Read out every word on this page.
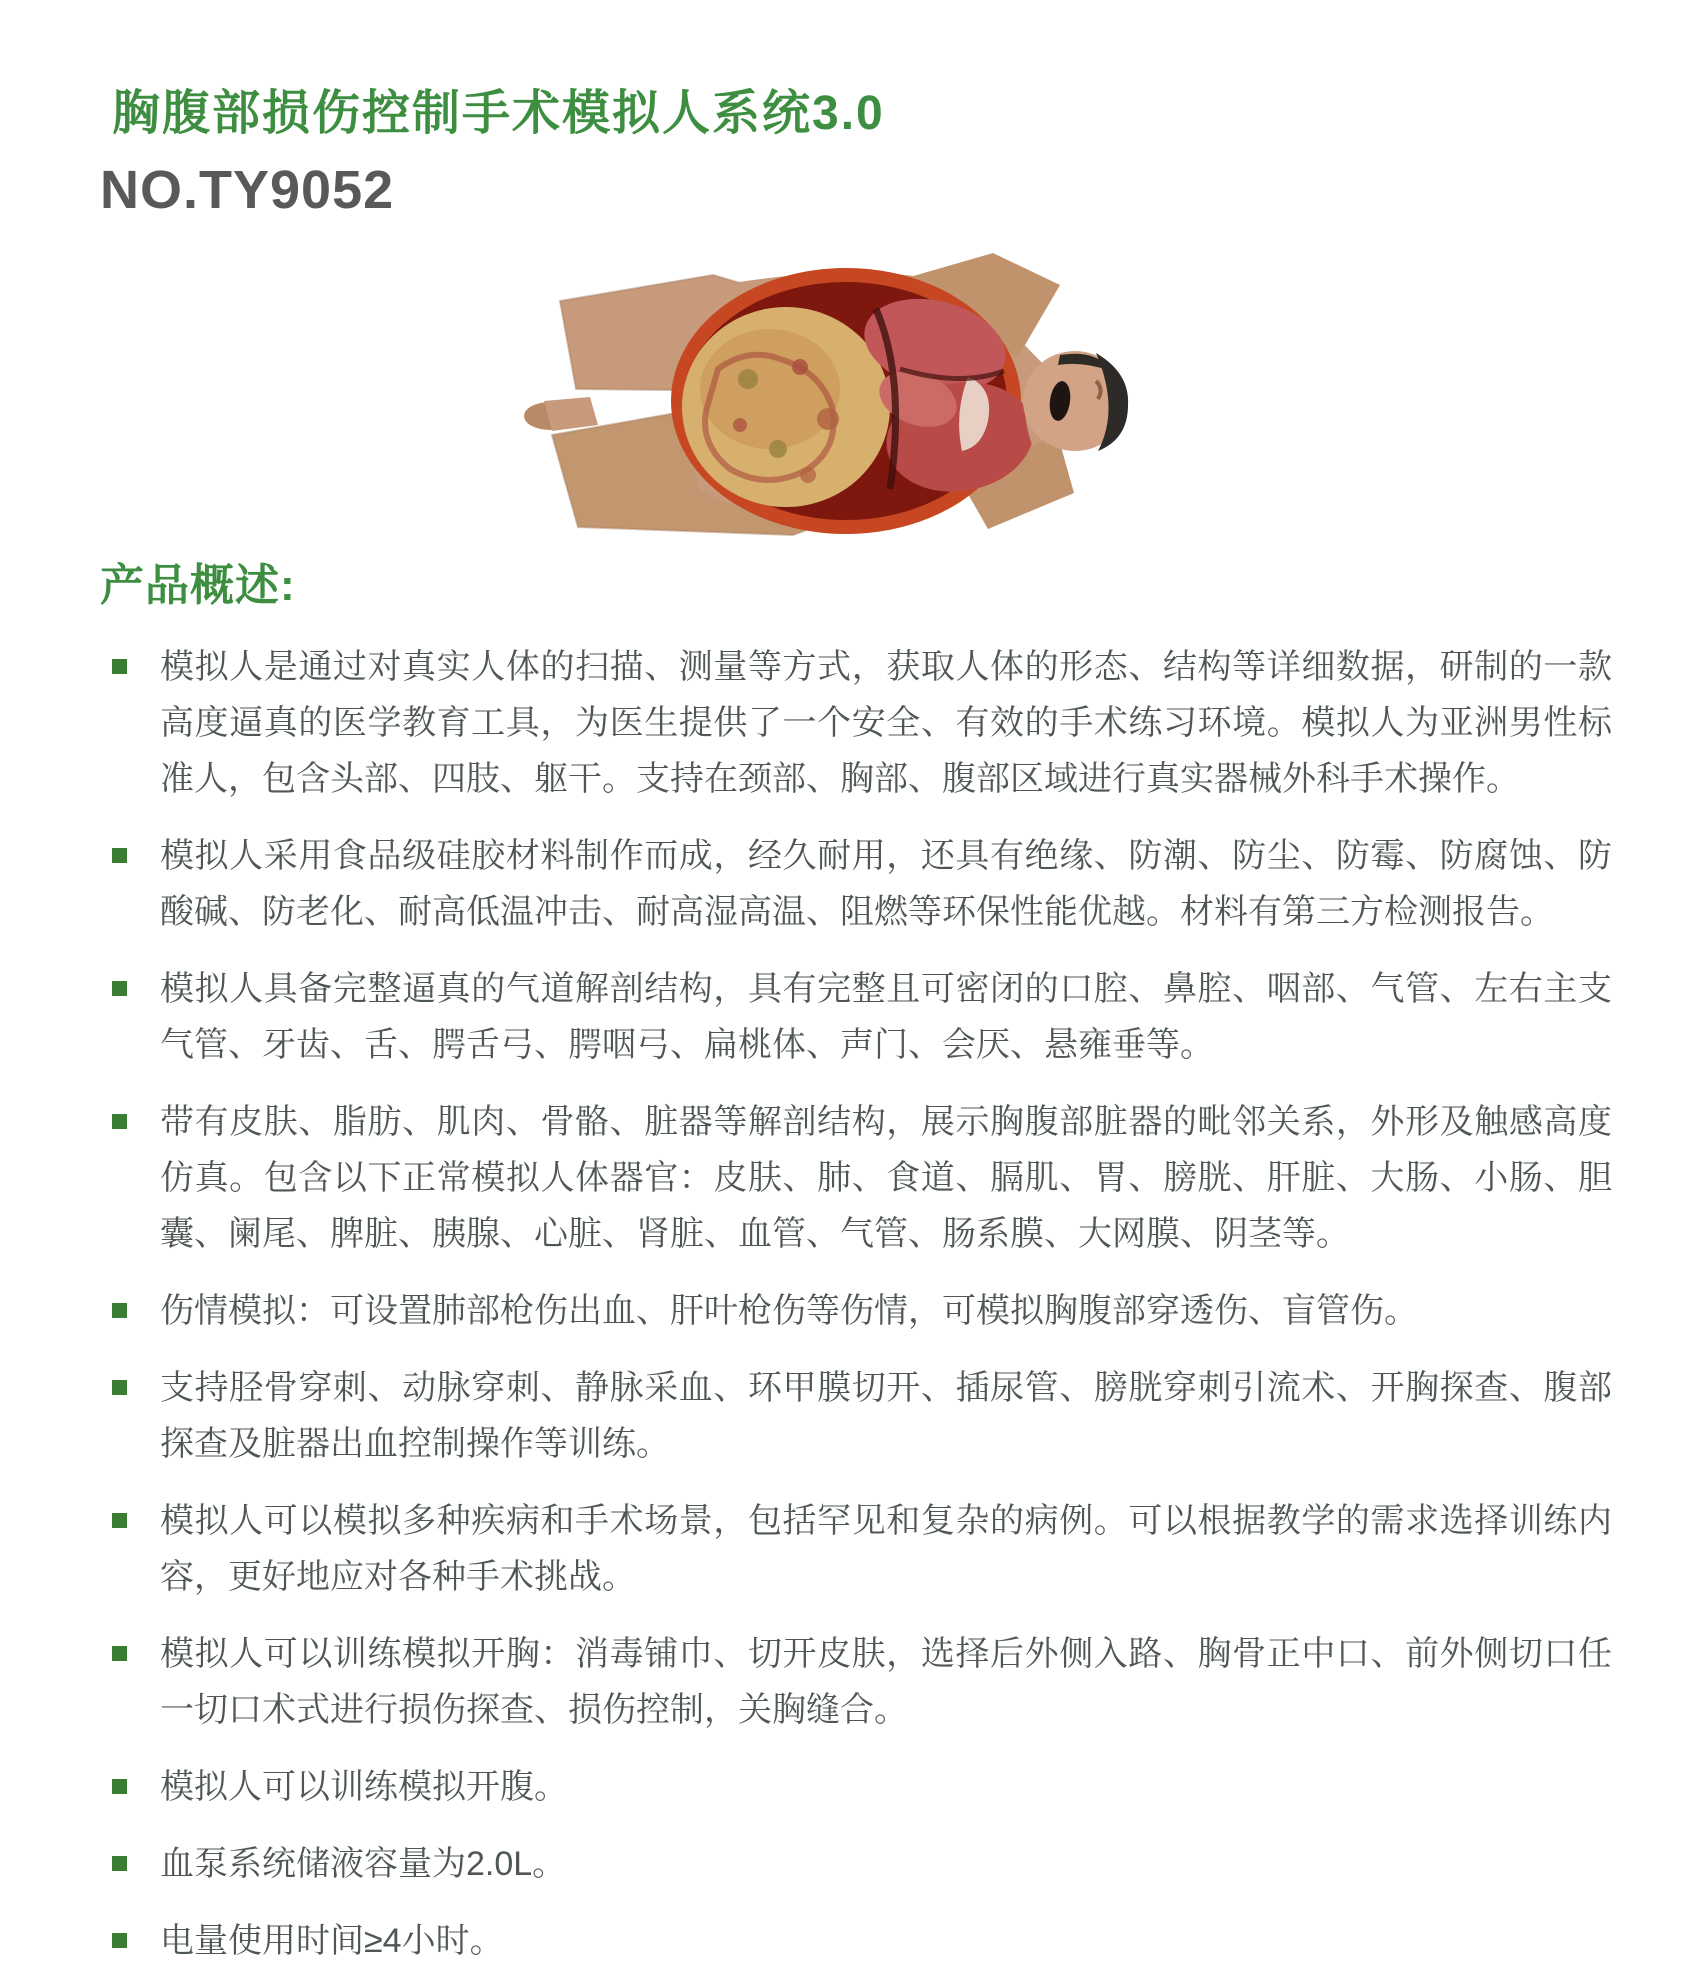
胸腹部损伤控制手术模拟人系统3.0
NO.TY9052
产品概述:
模拟人是通过对真实人体的扫描、测量等方式，获取人体的形态、结构等详细数据，研制的一款高度逼真的医学教育工具，为医生提供了一个安全、有效的手术练习环境。模拟人为亚洲男性标准人，包含头部、四肢、躯干。支持在颈部、胸部、腹部区域进行真实器械外科手术操作。
模拟人采用食品级硅胶材料制作而成，经久耐用，还具有绝缘、防潮、防尘、防霉、防腐蚀、防酸碱、防老化、耐高低温冲击、耐高湿高温、阻燃等环保性能优越。材料有第三方检测报告。
模拟人具备完整逼真的气道解剖结构，具有完整且可密闭的口腔、鼻腔、咽部、气管、左右主支气管、牙齿、舌、腭舌弓、腭咽弓、扁桃体、声门、会厌、悬雍垂等。
带有皮肤、脂肪、肌肉、骨骼、脏器等解剖结构，展示胸腹部脏器的毗邻关系，外形及触感高度仿真。包含以下正常模拟人体器官：皮肤、肺、食道、膈肌、胃、膀胱、肝脏、大肠、小肠、胆囊、阑尾、脾脏、胰腺、心脏、肾脏、血管、气管、肠系膜、大网膜、阴茎等。
伤情模拟：可设置肺部枪伤出血、肝叶枪伤等伤情，可模拟胸腹部穿透伤、盲管伤。
支持胫骨穿刺、动脉穿刺、静脉采血、环甲膜切开、插尿管、膀胱穿刺引流术、开胸探查、腹部探查及脏器出血控制操作等训练。
模拟人可以模拟多种疾病和手术场景，包括罕见和复杂的病例。可以根据教学的需求选择训练内容，更好地应对各种手术挑战。
模拟人可以训练模拟开胸：消毒铺巾、切开皮肤，选择后外侧入路、胸骨正中口、前外侧切口任一切口术式进行损伤探查、损伤控制，关胸缝合。
模拟人可以训练模拟开腹。
血泵系统储液容量为2.0L。
电量使用时间≥4小时。
